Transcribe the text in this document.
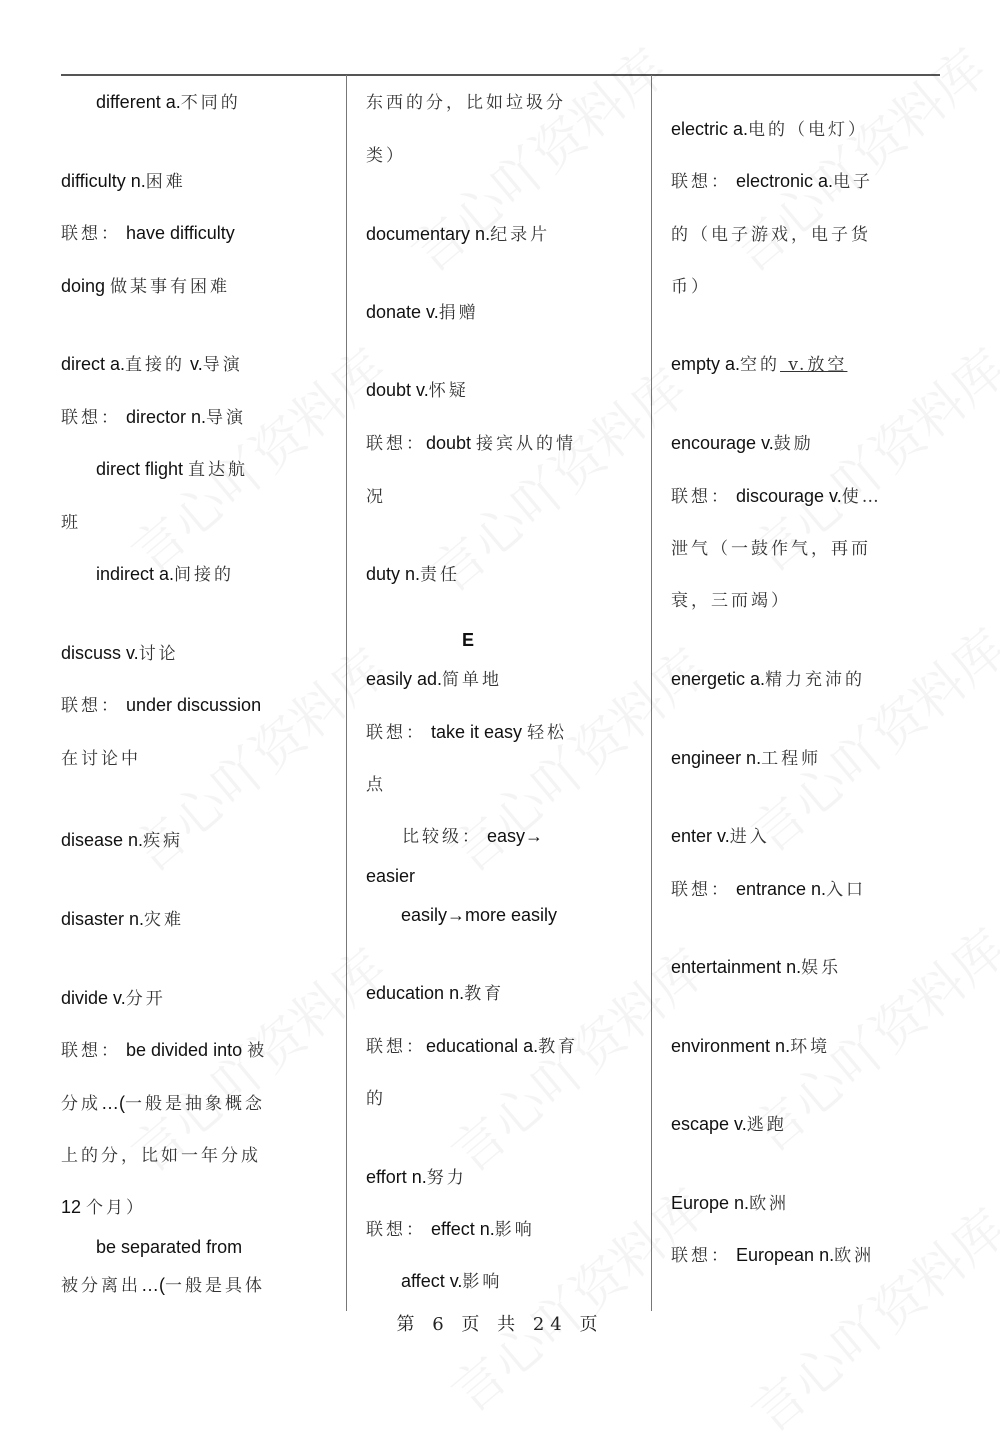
different a.不同的
difficulty n.困难
联想： have difficulty
doing 做某事有困难
direct a.直接的 v.导演
联想： director n.导演
direct flight 直达航
班
indirect a.间接的
discuss v.讨论
联想： under discussion
在讨论中
disease n.疾病
disaster n.灾难
divide v.分开
联想： be divided into 被
分成…(一般是抽象概念
上的分，比如一年分成
12 个月）
be separated from
被分离出…(一般是具体
东西的分，比如垃圾分
类）
documentary n.纪录片
donate v.捐赠
doubt v.怀疑
联想：doubt 接宾从的情
况
duty n.责任
E
easily ad.简单地
联想： take it easy 轻松
点
比较级： easy→
easier
easily→more easily
education n.教育
联想：educational a.教育
的
effort n.努力
联想： effect n.影响
affect v.影响
electric a.电的（电灯）
联想： electronic a.电子
的（电子游戏，电子货
币）
empty a.空的 v.放空
encourage v.鼓励
联想： discourage v.使…
泄气（一鼓作气，再而
衰，三而竭）
energetic a.精力充沛的
engineer n.工程师
enter v.进入
联想： entrance n.入口
entertainment n.娱乐
environment n.环境
escape v.逃跑
Europe n.欧洲
联想： European n.欧洲
第 6 页 共 24 页
